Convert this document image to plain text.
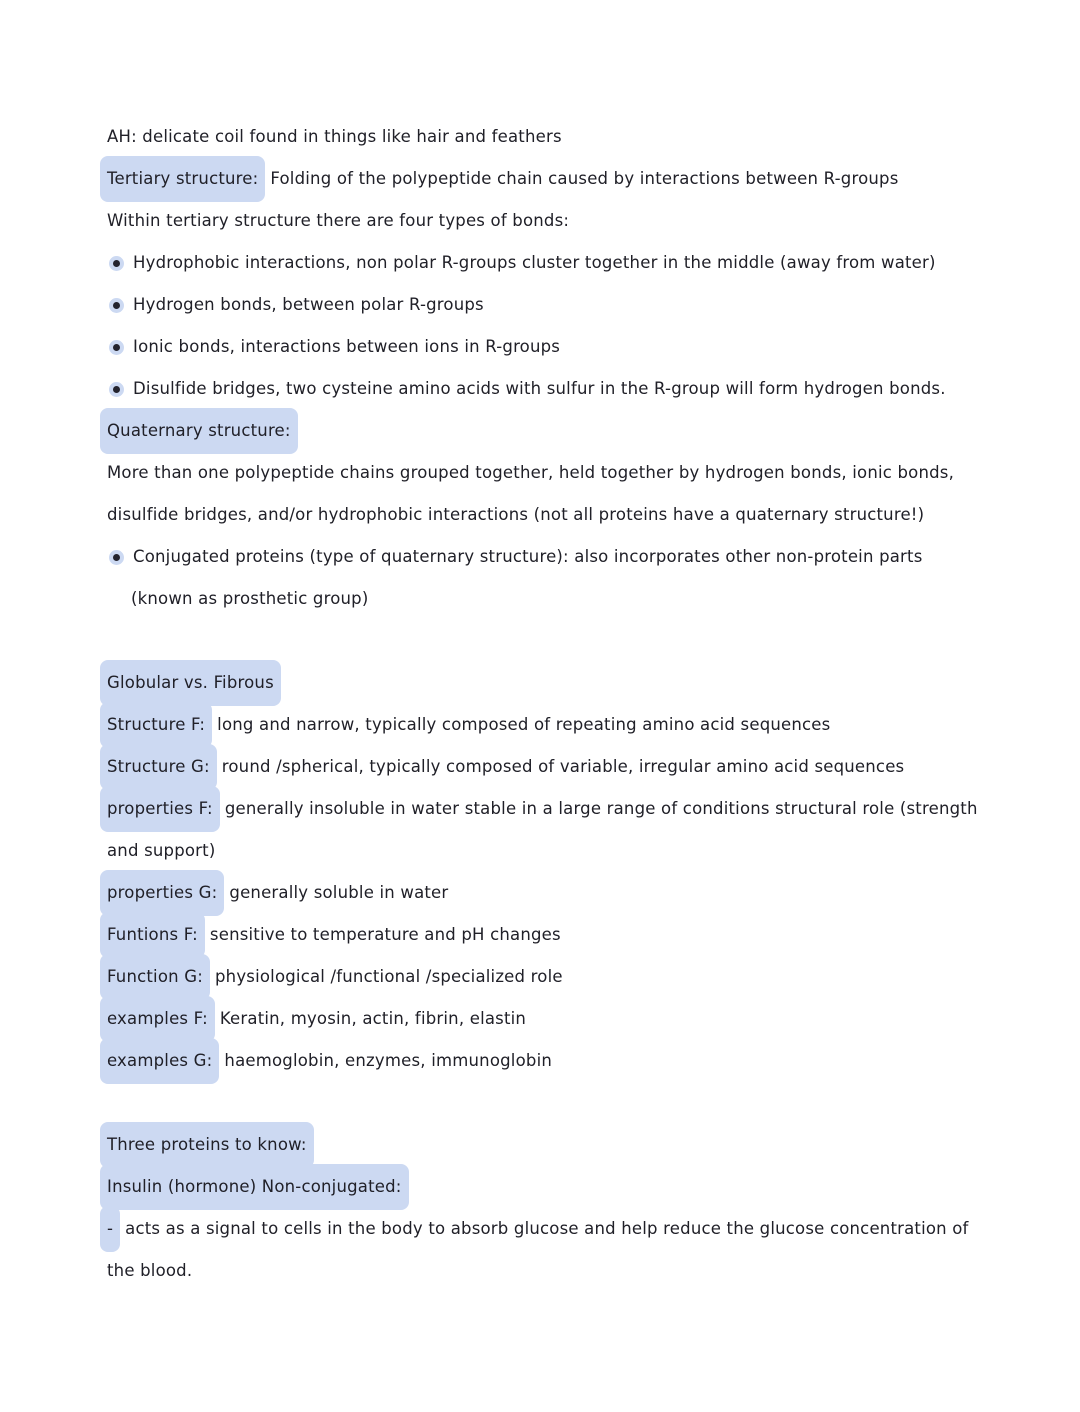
AH: delicate coil found in things like hair and feathers
Tertiary structure: Folding of the polypeptide chain caused by interactions between R-groups
Within tertiary structure there are four types of bonds:
Hydrophobic interactions, non polar R-groups cluster together in the middle (away from water)
Hydrogen bonds, between polar R-groups
Ionic bonds, interactions between ions in R-groups
Disulfide bridges, two cysteine amino acids with sulfur in the R-group will form hydrogen bonds.
Quaternary structure:
More than one polypeptide chains grouped together, held together by hydrogen bonds, ionic bonds,
disulfide bridges, and/or hydrophobic interactions (not all proteins have a quaternary structure!)
Conjugated proteins (type of quaternary structure): also incorporates other non-protein parts
(known as prosthetic group)
Globular vs. Fibrous
Structure F: long and narrow, typically composed of repeating amino acid sequences
Structure G: round /spherical, typically composed of variable, irregular amino acid sequences
properties F: generally insoluble in water stable in a large range of conditions structural role (strength
and support)
properties G: generally soluble in water
Funtions F: sensitive to temperature and pH changes
Function G: physiological /functional /specialized role
examples F: Keratin, myosin, actin, fibrin, elastin
examples G: haemoglobin, enzymes, immunoglobin
Three proteins to know:
Insulin (hormone) Non-conjugated:
- acts as a signal to cells in the body to absorb glucose and help reduce the glucose concentration of
the blood.
